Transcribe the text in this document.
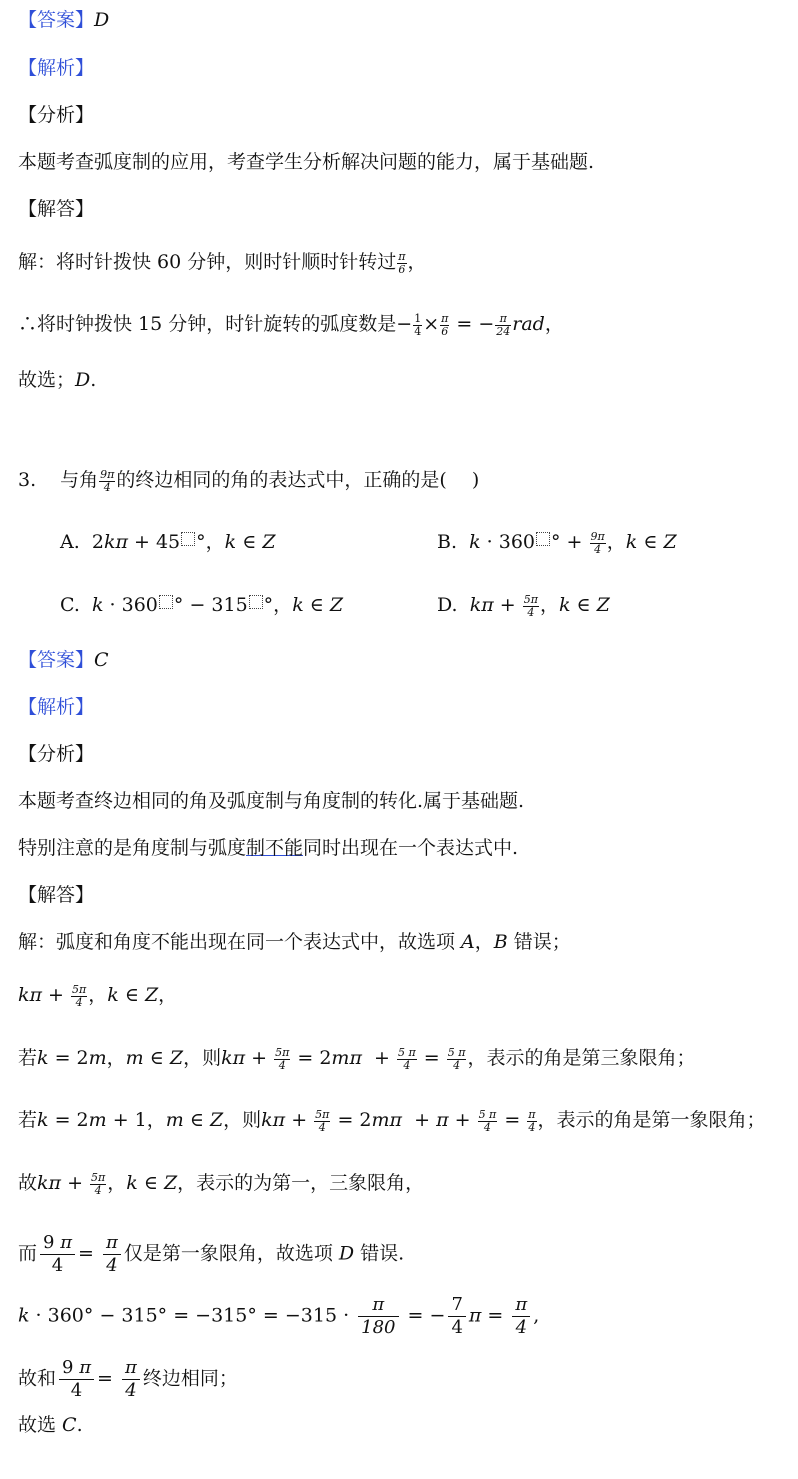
【答案】D
【解析】
【分析】
本题考查弧度制的应用，考查学生分析解决问题的能力，属于基础题.
【解答】
解：将时针拨快 60 分钟，则时针顺时针转过 $\frac{\pi}{6}$ ，
∴将时钟拨快 15 分钟，时针旋转的弧度数是− $\frac{1}{4} \times \frac{\pi}{6}$ = − $\frac{\pi}{24}$ rad，
故选；D.
3. 与角 $\frac{9\pi}{4}$ 的终边相同的角的表达式中，正确的是(　 )
A.  2kπ + 45 °，k ∈ Z	B. k · 360 ° + $\frac{9\pi}{4}$ ，k ∈ Z
C. k · 360 ° − 315 °，k ∈ Z	D. $k\pi + \frac{5\pi}{4}$ ，k ∈ Z
【答案】C
【解析】
【分析】
本题考查终边相同的角及弧度制与角度制的转化.属于基础题.
特别注意的是角度制与弧度制不能同时出现在一个表达式中.
【解答】
解：弧度和角度不能出现在同一个表达式中，故选项 A，B 错误；
$k\pi + \frac{5\pi}{4}$ ，k ∈ Z，
若k = 2m，m ∈ Z，则$k\pi + \frac{5\pi}{4} = 2m\pi + \frac{5 \pi}{4} = \frac{5 \pi}{4}$ ，表示的角是第三象限角；
若k = 2m + 1，m ∈ Z，则$k\pi + \frac{5\pi}{4} = 2m\pi + \pi + \frac{5 \pi}{4} = \frac{\pi}{4}$ ，表示的角是第一象限角；
故$k\pi + \frac{5\pi}{4}$ ，k ∈ Z，表示的为第一，三象限角，
而 $\frac{9 \pi}{4} = \frac{\pi}{4}$ 仅是第一象限角，故选项 D 错误.
$k \cdot 360^\circ - 315^\circ = -315^\circ = -315 \cdot \frac{\pi}{180}$ = − $\frac{7}{4}$ $\pi = \frac{\pi}{4}$ ,
故和 $\frac{9 \pi}{4} = \frac{\pi}{4}$ 终边相同；
故选 C.
